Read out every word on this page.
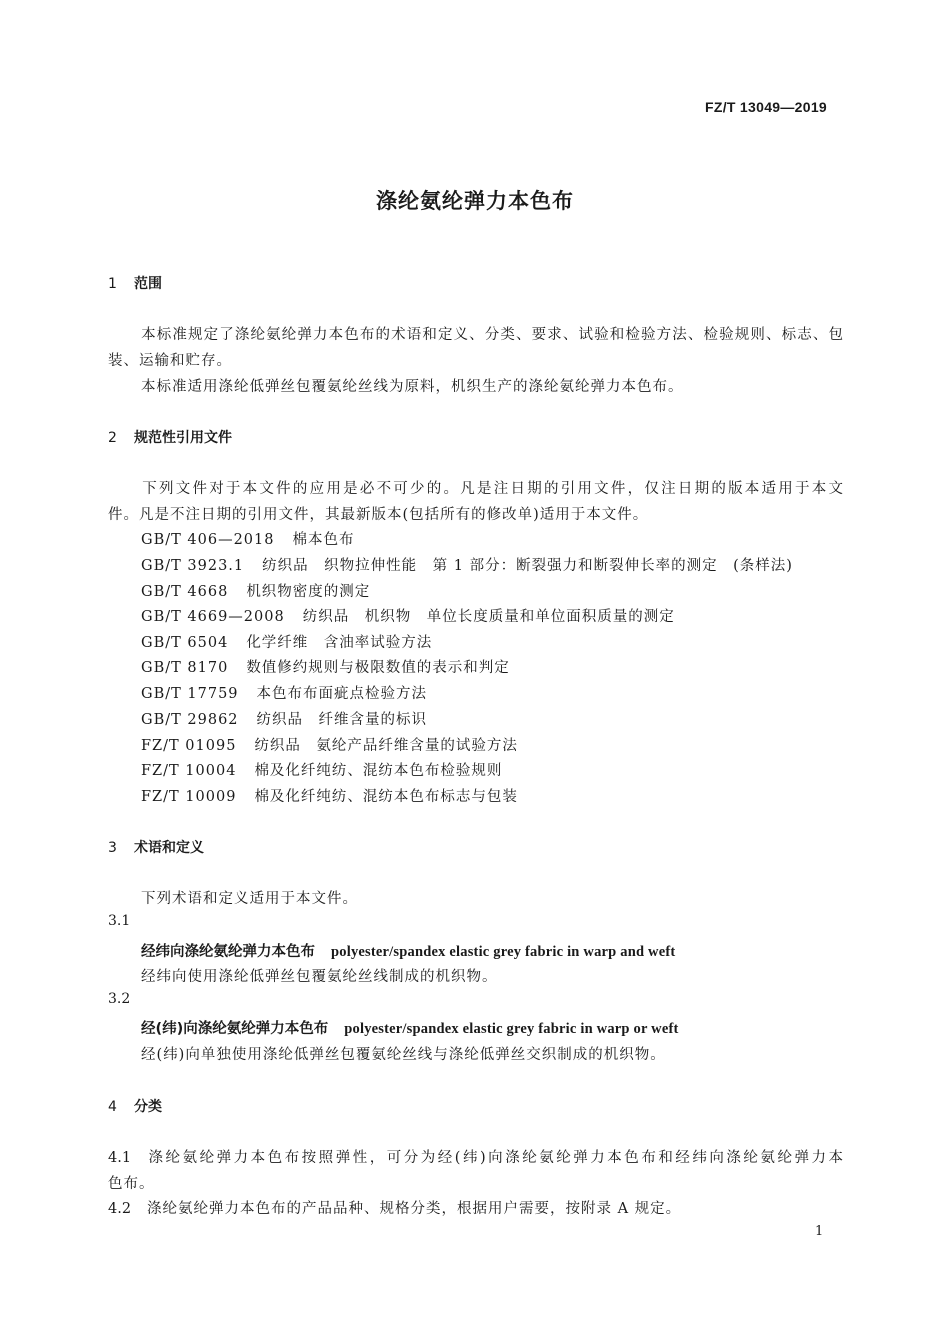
FZ/T 13049—2019
涤纶氨纶弹力本色布
1 范围
本标准规定了涤纶氨纶弹力本色布的术语和定义、分类、要求、试验和检验方法、检验规则、标志、包
装、运输和贮存。
本标准适用涤纶低弹丝包覆氨纶丝线为原料，机织生产的涤纶氨纶弹力本色布。
2 规范性引用文件
下列文件对于本文件的应用是必不可少的。凡是注日期的引用文件，仅注日期的版本适用于本文
件。凡是不注日期的引用文件，其最新版本(包括所有的修改单)适用于本文件。
GB/T 406—2018 棉本色布
GB/T 3923.1 纺织品　织物拉伸性能　第 1 部分：断裂强力和断裂伸长率的测定　(条样法)
GB/T 4668 机织物密度的测定
GB/T 4669—2008 纺织品　机织物　单位长度质量和单位面积质量的测定
GB/T 6504 化学纤维　含油率试验方法
GB/T 8170 数值修约规则与极限数值的表示和判定
GB/T 17759 本色布布面疵点检验方法
GB/T 29862 纺织品　纤维含量的标识
FZ/T 01095 纺织品　氨纶产品纤维含量的试验方法
FZ/T 10004 棉及化纤纯纺、混纺本色布检验规则
FZ/T 10009 棉及化纤纯纺、混纺本色布标志与包装
3 术语和定义
下列术语和定义适用于本文件。
3.1
经纬向涤纶氨纶弹力本色布 polyester/spandex elastic grey fabric in warp and weft
经纬向使用涤纶低弹丝包覆氨纶丝线制成的机织物。
3.2
经(纬)向涤纶氨纶弹力本色布 polyester/spandex elastic grey fabric in warp or weft
经(纬)向单独使用涤纶低弹丝包覆氨纶丝线与涤纶低弹丝交织制成的机织物。
4 分类
4.1 涤纶氨纶弹力本色布按照弹性，可分为经(纬)向涤纶氨纶弹力本色布和经纬向涤纶氨纶弹力本
色布。
4.2 涤纶氨纶弹力本色布的产品品种、规格分类，根据用户需要，按附录 A 规定。
1
